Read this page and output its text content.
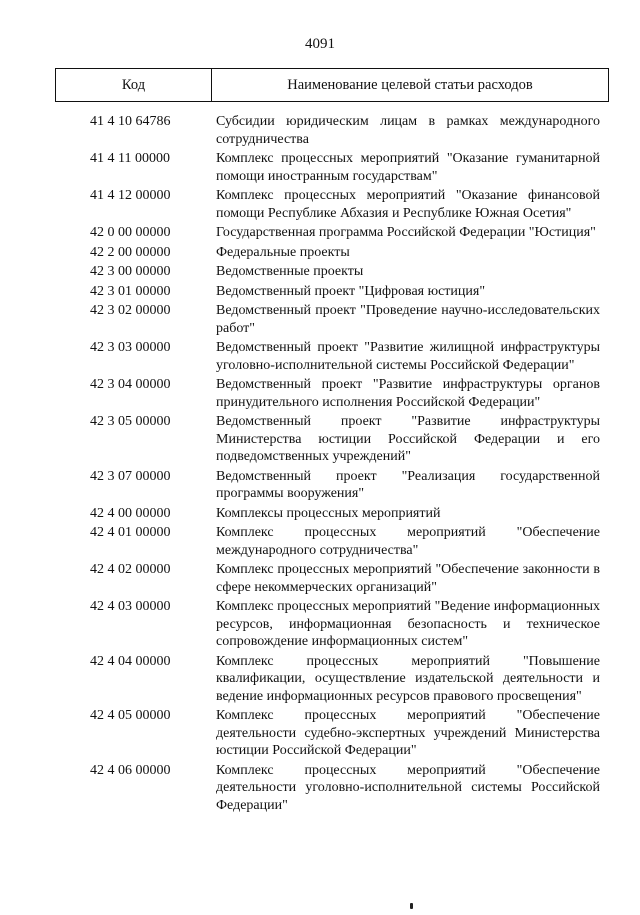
4091
Код	Наименование целевой статьи расходов
41 4 10 64786	Субсидии юридическим лицам в рамках международного сотрудничества
41 4 11 00000	Комплекс процессных мероприятий "Оказание гуманитарной помощи иностранным государствам"
41 4 12 00000	Комплекс процессных мероприятий "Оказание финансовой помощи Республике Абхазия и Республике Южная Осетия"
42 0 00 00000	Государственная программа Российской Федерации "Юстиция"
42 2 00 00000	Федеральные проекты
42 3 00 00000	Ведомственные проекты
42 3 01 00000	Ведомственный проект "Цифровая юстиция"
42 3 02 00000	Ведомственный проект "Проведение научно-исследовательских работ"
42 3 03 00000	Ведомственный проект "Развитие жилищной инфраструктуры уголовно-исполнительной системы Российской Федерации"
42 3 04 00000	Ведомственный проект "Развитие инфраструктуры органов принудительного исполнения Российской Федерации"
42 3 05 00000	Ведомственный проект "Развитие инфраструктуры Министерства юстиции Российской Федерации и его подведомственных учреждений"
42 3 07 00000	Ведомственный проект "Реализация государственной программы вооружения"
42 4 00 00000	Комплексы процессных мероприятий
42 4 01 00000	Комплекс процессных мероприятий "Обеспечение международного сотрудничества"
42 4 02 00000	Комплекс процессных мероприятий "Обеспечение законности в сфере некоммерческих организаций"
42 4 03 00000	Комплекс процессных мероприятий "Ведение информационных ресурсов, информационная безопасность и техническое сопровождение информационных систем"
42 4 04 00000	Комплекс процессных мероприятий "Повышение квалификации, осуществление издательской деятельности и ведение информационных ресурсов правового просвещения"
42 4 05 00000	Комплекс процессных мероприятий "Обеспечение деятельности судебно-экспертных учреждений Министерства юстиции Российской Федерации"
42 4 06 00000	Комплекс процессных мероприятий "Обеспечение деятельности уголовно-исполнительной системы Российской Федерации"
